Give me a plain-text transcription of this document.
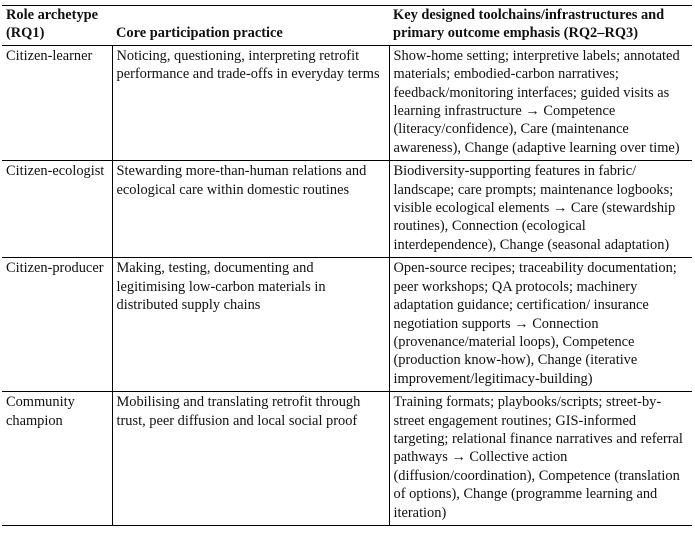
Role archetype (RQ1)	Core participation practice	Key designed toolchains/infrastructures and primary outcome emphasis (RQ2–RQ3)
Citizen-learner	Noticing, questioning, interpreting retrofit performance and trade-offs in everyday terms	Show-home setting; interpretive labels; annotated materials; embodied-carbon narratives; feedback/monitoring interfaces; guided visits as learning infrastructure → Competence (literacy/confidence), Care (maintenance awareness), Change (adaptive learning over time)
Citizen-ecologist	Stewarding more-than-human relations and ecological care within domestic routines	Biodiversity-supporting features in fabric/ landscape; care prompts; maintenance logbooks; visible ecological elements → Care (stewardship routines), Connection (ecological interdependence), Change (seasonal adaptation)
Citizen-producer	Making, testing, documenting and legitimising low-carbon materials in distributed supply chains	Open-source recipes; traceability documentation; peer workshops; QA protocols; machinery adaptation guidance; certification/ insurance negotiation supports → Connection (provenance/material loops), Competence (production know-how), Change (iterative improvement/legitimacy-building)
Community champion	Mobilising and translating retrofit through trust, peer diffusion and local social proof	Training formats; playbooks/scripts; street-by-street engagement routines; GIS-informed targeting; relational finance narratives and referral pathways → Collective action (diffusion/coordination), Competence (translation of options), Change (programme learning and iteration)
